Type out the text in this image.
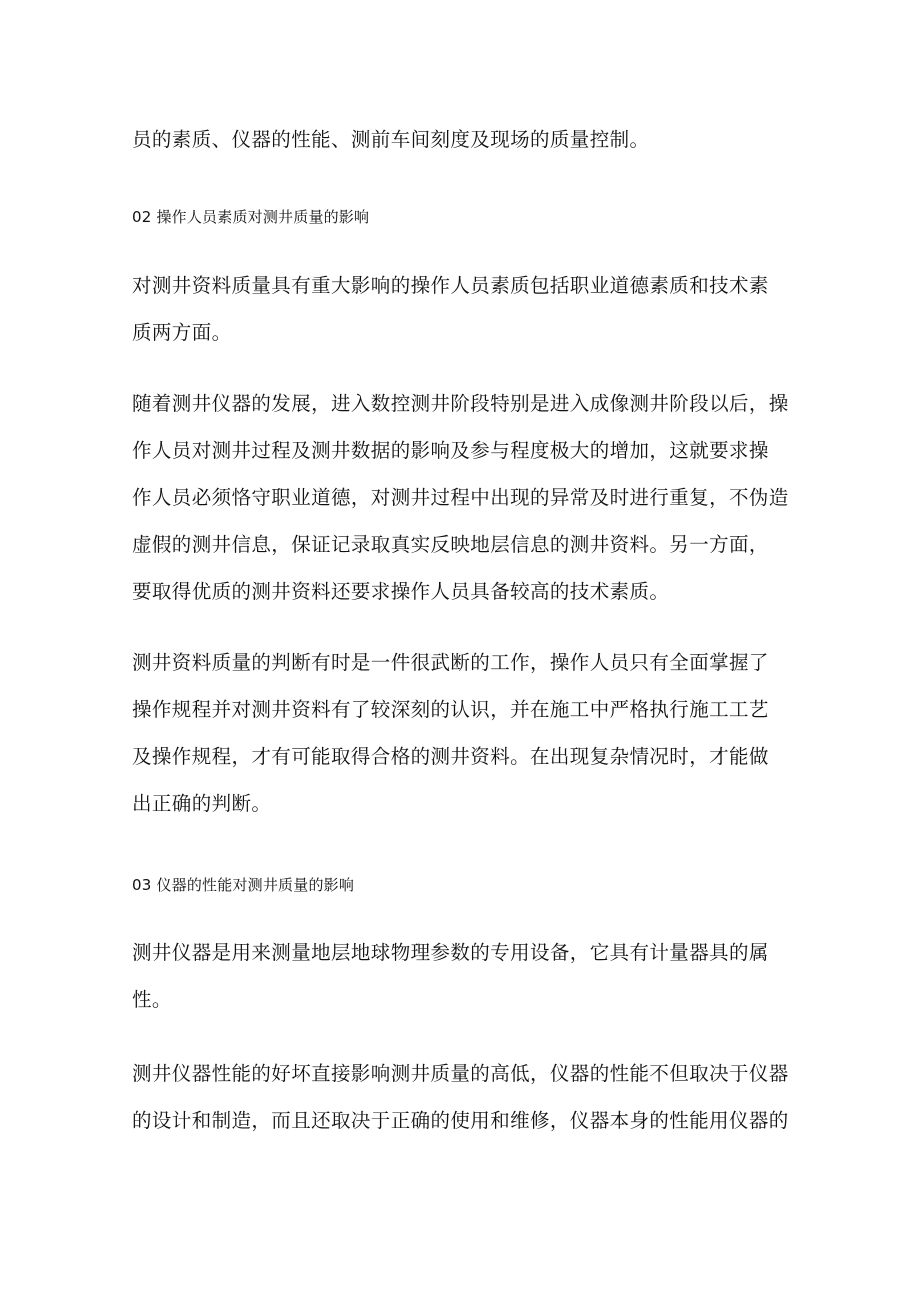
员的素质、仪器的性能、测前车间刻度及现场的质量控制。

02 操作人员素质对测井质量的影响

对测井资料质量具有重大影响的操作人员素质包括职业道德素质和技术素
质两方面。

随着测井仪器的发展，进入数控测井阶段特别是进入成像测井阶段以后，操
作人员对测井过程及测井数据的影响及参与程度极大的增加，这就要求操
作人员必须恪守职业道德，对测井过程中出现的异常及时进行重复，不伪造
虚假的测井信息，保证记录取真实反映地层信息的测井资料。另一方面，
要取得优质的测井资料还要求操作人员具备较高的技术素质。

测井资料质量的判断有时是一件很武断的工作，操作人员只有全面掌握了
操作规程并对测井资料有了较深刻的认识，并在施工中严格执行施工工艺
及操作规程，才有可能取得合格的测井资料。在出现复杂情况时，才能做
出正确的判断。

03 仪器的性能对测井质量的影响

测井仪器是用来测量地层地球物理参数的专用设备，它具有计量器具的属
性。

测井仪器性能的好坏直接影响测井质量的高低，仪器的性能不但取决于仪器
的设计和制造，而且还取决于正确的使用和维修，仪器本身的性能用仪器的
